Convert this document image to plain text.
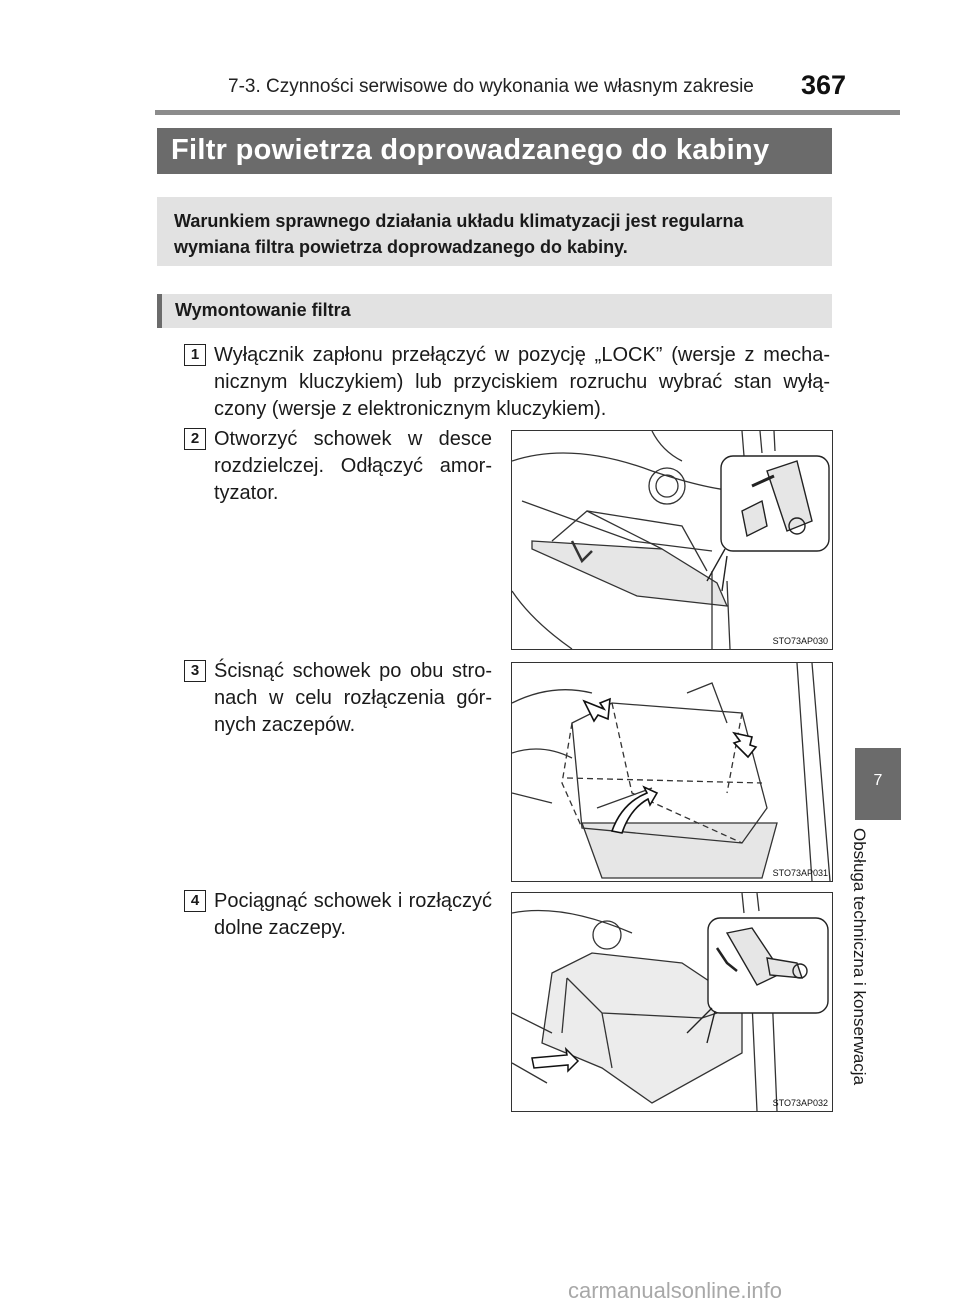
7-3. Czynności serwisowe do wykonania we własnym zakresie 367
Filtr powietrza doprowadzanego do kabiny
Warunkiem sprawnego działania układu klimatyzacji jest regularna wymiana filtra powietrza doprowadzanego do kabiny.
Wymontowanie filtra
1 Wyłącznik zapłonu przełączyć w pozycję „LOCK” (wersje z mecha-nicznym kluczykiem) lub przyciskiem rozruchu wybrać stan wyłą-czony (wersje z elektronicznym kluczykiem).
2 Otworzyć schowek w desce rozdzielczej. Odłączyć amor-tyzator.
STO73AP030
3 Ścisnąć schowek po obu stro-nach w celu rozłączenia gór-nych zaczepów.
STO73AP031
4 Pociągnąć schowek i rozłączyć dolne zaczepy.
STO73AP032
7
Obsługa techniczna i konserwacja
carmanualsonline.info
